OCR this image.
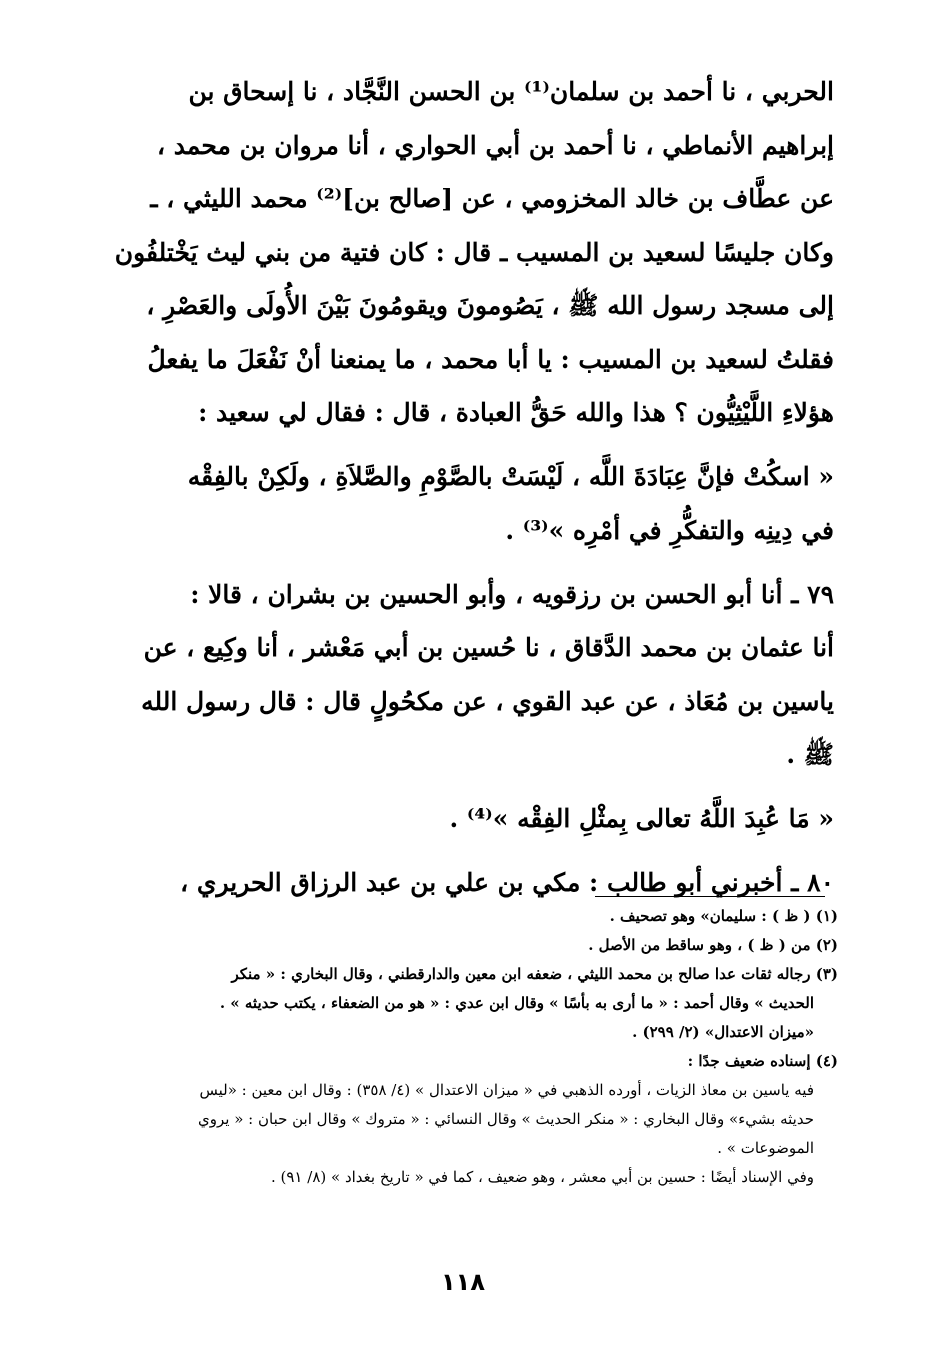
الحربي ، نا أحمد بن سلمان⁽¹⁾ بن الحسن النَّجَّاد ، نا إسحاق بن

إبراهيم الأنماطي ، نا أحمد بن أبي الحواري ، أنا مروان بن محمد ،

عن عطَّاف بن خالد المخزومي ، عن [صالح بن]⁽²⁾ محمد الليثي ، ـ

وكان جليسًا لسعيد بن المسيب ـ قال : كان فتية من بني ليث يَخْتلفُون

إلى مسجد رسول الله ﷺ ، يَصُومونَ ويقومُونَ بَيْنَ الأُولَى والعَصْرِ ،

فقلتُ لسعيد بن المسيب : يا أبا محمد ، ما يمنعنا أنْ نَفْعَلَ ما يفعلُ

هؤلاءِ اللَّيْثِيُّون ؟ هذا والله حَقُّ العبادة ، قال : فقال لي سعيد :

« اسكُتْ فإنَّ عِبَادَةَ اللَّه ، لَيْسَتْ بالصَّوْمِ والصَّلاَةِ ، ولَكِنْ بالفِقْه

في دِينِه والتفكُّرِ في أمْرِه »⁽³⁾ .

٧٩ ـ أنا أبو الحسن بن رزقويه ، وأبو الحسين بن بشران ، قالا :

أنا عثمان بن محمد الدَّقاق ، نا حُسين بن أبي مَعْشر ، أنا وكِيع ، عن

ياسين بن مُعَاذ ، عن عبد القوي ، عن مكحُولٍ قال : قال رسول الله

ﷺ .

« مَا عُبِدَ اللَّهُ تعالى بِمثْلِ الفِقْه »⁽⁴⁾ .

٨٠ ـ أخبرني أبو طالب : مكي بن علي بن عبد الرزاق الحريري ،

(١) ( ظ ) : سليمان» وهو تصحيف .

(٢) من ( ظ ) ، وهو ساقط من الأصل .

(٣) رجاله ثقات عدا صالح بن محمد الليثي ، ضعفه ابن معين والدارقطني ، وقال البخاري : « منكر

الحديث » وقال أحمد : « ما أرى به بأسًا » وقال ابن عدي : « هو من الضعفاء ، يكتب حديثه » .

«ميزان الاعتدال» (٢/ ٢٩٩) .

(٤) إسناده ضعيف جدًا :

فيه ياسين بن معاذ الزيات ، أورده الذهبي في « ميزان الاعتدال » (٤/ ٣٥٨) : وقال ابن معين : «ليس

حديثه بشيء» وقال البخاري : « منكر الحديث » وقال النسائي : « متروك » وقال ابن حبان : « يروي

الموضوعات » .

وفي الإسناد أيضًا : حسين بن أبي معشر ، وهو ضعيف ، كما في « تاريخ بغداد » (٨/ ٩١) .

١١٨
